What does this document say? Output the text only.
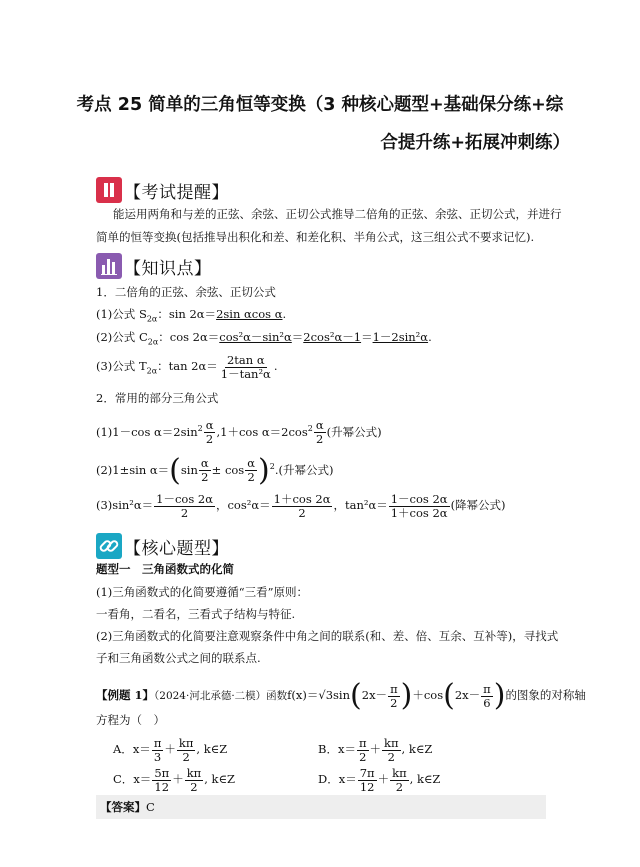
考点 25 简单的三角恒等变换（3 种核心题型+基础保分练+综
合提升练+拓展冲刺练）
【考试提醒】
能运用两角和与差的正弦、余弦、正切公式推导二倍角的正弦、余弦、正切公式，并进行
简单的恒等变换(包括推导出积化和差、和差化积、半角公式，这三组公式不要求记忆).
【知识点】
1．二倍角的正弦、余弦、正切公式
(1)公式 $S_{2\alpha}$：sin 2α＝2sin αcos α.
(2)公式 $C_{2\alpha}$：cos 2α＝cos²α－sin²α＝2cos²α－1＝1－2sin²α.
(3)公式 $T_{2\alpha}$：$\tan 2\alpha= \frac{\text{2tan α}}{\text{1－tan²α}}$ .
2．常用的部分三角公式
(1)1－cos $\alpha=2\sin^2 \frac{\alpha}{2} ,1+\cos$ $\alpha=2\cos^2 \frac{\alpha}{2}$ (升幂公式)
(2)1±sin $\alpha=(\sin \frac{\alpha}{2} \pm \cos \frac{\alpha}{2} )^2$.(升幂公式)
$(3)\sin^2\alpha= \frac{1-\cos 2\alpha}{2}$ ，$\cos^2\alpha= \frac{1+\cos 2\alpha}{2}$ ，$\tan^2\alpha= \frac{1-\cos 2\alpha}{1+\cos 2\alpha}$ (降幂公式)
【核心题型】
题型一　三角函数式的化简
(1)三角函数式的化简要遵循“三看”原则：
一看角，二看名，三看式子结构与特征.
(2)三角函数式的化简要注意观察条件中角之间的联系(和、差、倍、互余、互补等)，寻找式
子和三角函数公式之间的联系点.
【例题 1】（2024·河北承德·二模）函数$f(x)=√3\sin(2x- \frac{\pi}{2} )+\cos(2x- \frac{\pi}{6}$ )的图象的对称轴
方程为（　）
A．$x= \frac{\pi}{3} + \frac{k\pi}{2}$ , k∈Z	B．$x= \frac{\pi}{2} + \frac{k\pi}{2}$ , k∈Z
C．$x= \frac{5\pi}{12} + \frac{k\pi}{2}$ , k∈Z	D．$x= \frac{7\pi}{12} + \frac{k\pi}{2}$ , k∈Z
【答案】C
